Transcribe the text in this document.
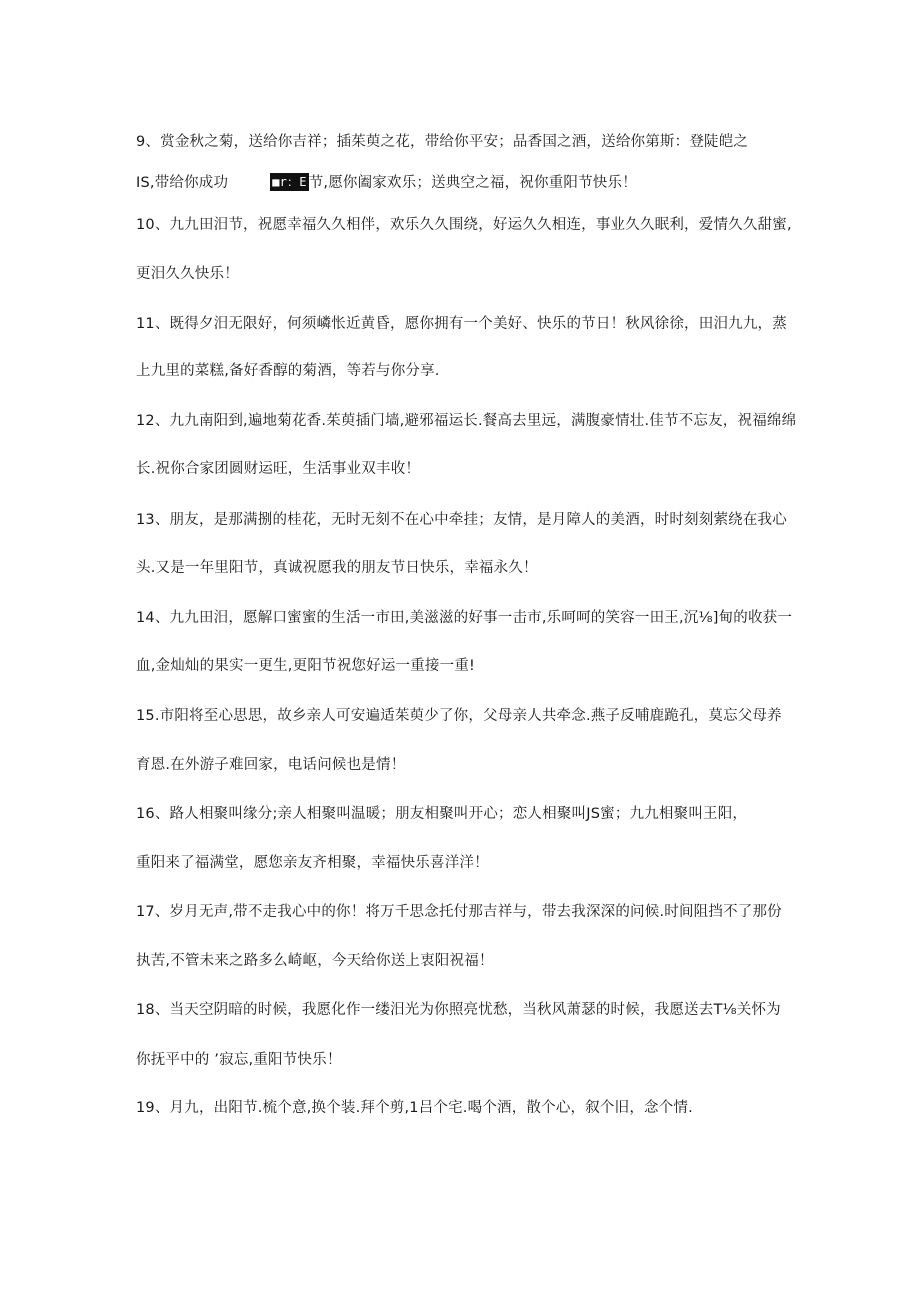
9、赏金秋之菊，送给你吉祥；插茱萸之花，带给你平安；品香国之酒，送给你第斯：登陡皑之
IS,带给你成功	■r：E 节,愿你阖家欢乐；送典空之福，祝你重阳节快乐！
10、九九田汨节，祝愿幸福久久相伴，欢乐久久围绕，好运久久相连，事业久久眠利，爱情久久甜蜜,
更汨久久快乐！
11、既得夕汨无限好，何须嶙怅近黄昏，愿你拥有一个美好、快乐的节日！秋风徐徐，田汨九九，蒸
上九里的菜糕,备好香醇的菊酒，等若与你分享.
12、九九南阳到,遍地菊花香.茱萸插门墙,避邪福运长.餐高去里远，满腹豪情壮.佳节不忘友，祝福绵绵
长.祝你合家团圆财运旺，生活事业双丰收！
13、朋友，是那满捌的桂花，无时无刻不在心中牵挂；友情，是月障人的美酒，时时刻刻萦绕在我心
头.又是一年里阳节，真诚祝愿我的朋友节日快乐，幸福永久！
14、九九田汨，愿解口蜜蜜的生活一市田,美滋滋的好事一击市,乐呵呵的笑容一田王,沉⅛]甸的收获一
血,金灿灿的果实一更生,更阳节祝您好运一重接一重!
15.市阳将至心思思，故乡亲人可安遍适茱萸少了你，父母亲人共牵念.燕子反哺鹿跪孔，莫忘父母养
育恩.在外游子难回家，电话问候也是情！
16、路人相聚叫缘分;亲人相聚叫温暖；朋友相聚叫开心；恋人相聚叫JS蜜；九九相聚叫王阳，
重阳来了福满堂，愿您亲友齐相聚，幸福快乐喜洋洋！
17、岁月无声,带不走我心中的你！将万千思念托付那吉祥与，带去我深深的问候.时间阻挡不了那份
执苦,不管未来之路多么崎岖，今天给你送上衷阳祝福！
18、当天空阴暗的时候，我愿化作一缕汨光为你照亮忧愁，当秋风萧瑟的时候，我愿送去T⅛关怀为
你抚平中的 ’寂忘,重阳节快乐！
19、月九，出阳节.梳个意,换个装.拜个剪,1吕个宅.喝个酒，散个心，叙个旧，念个情.
